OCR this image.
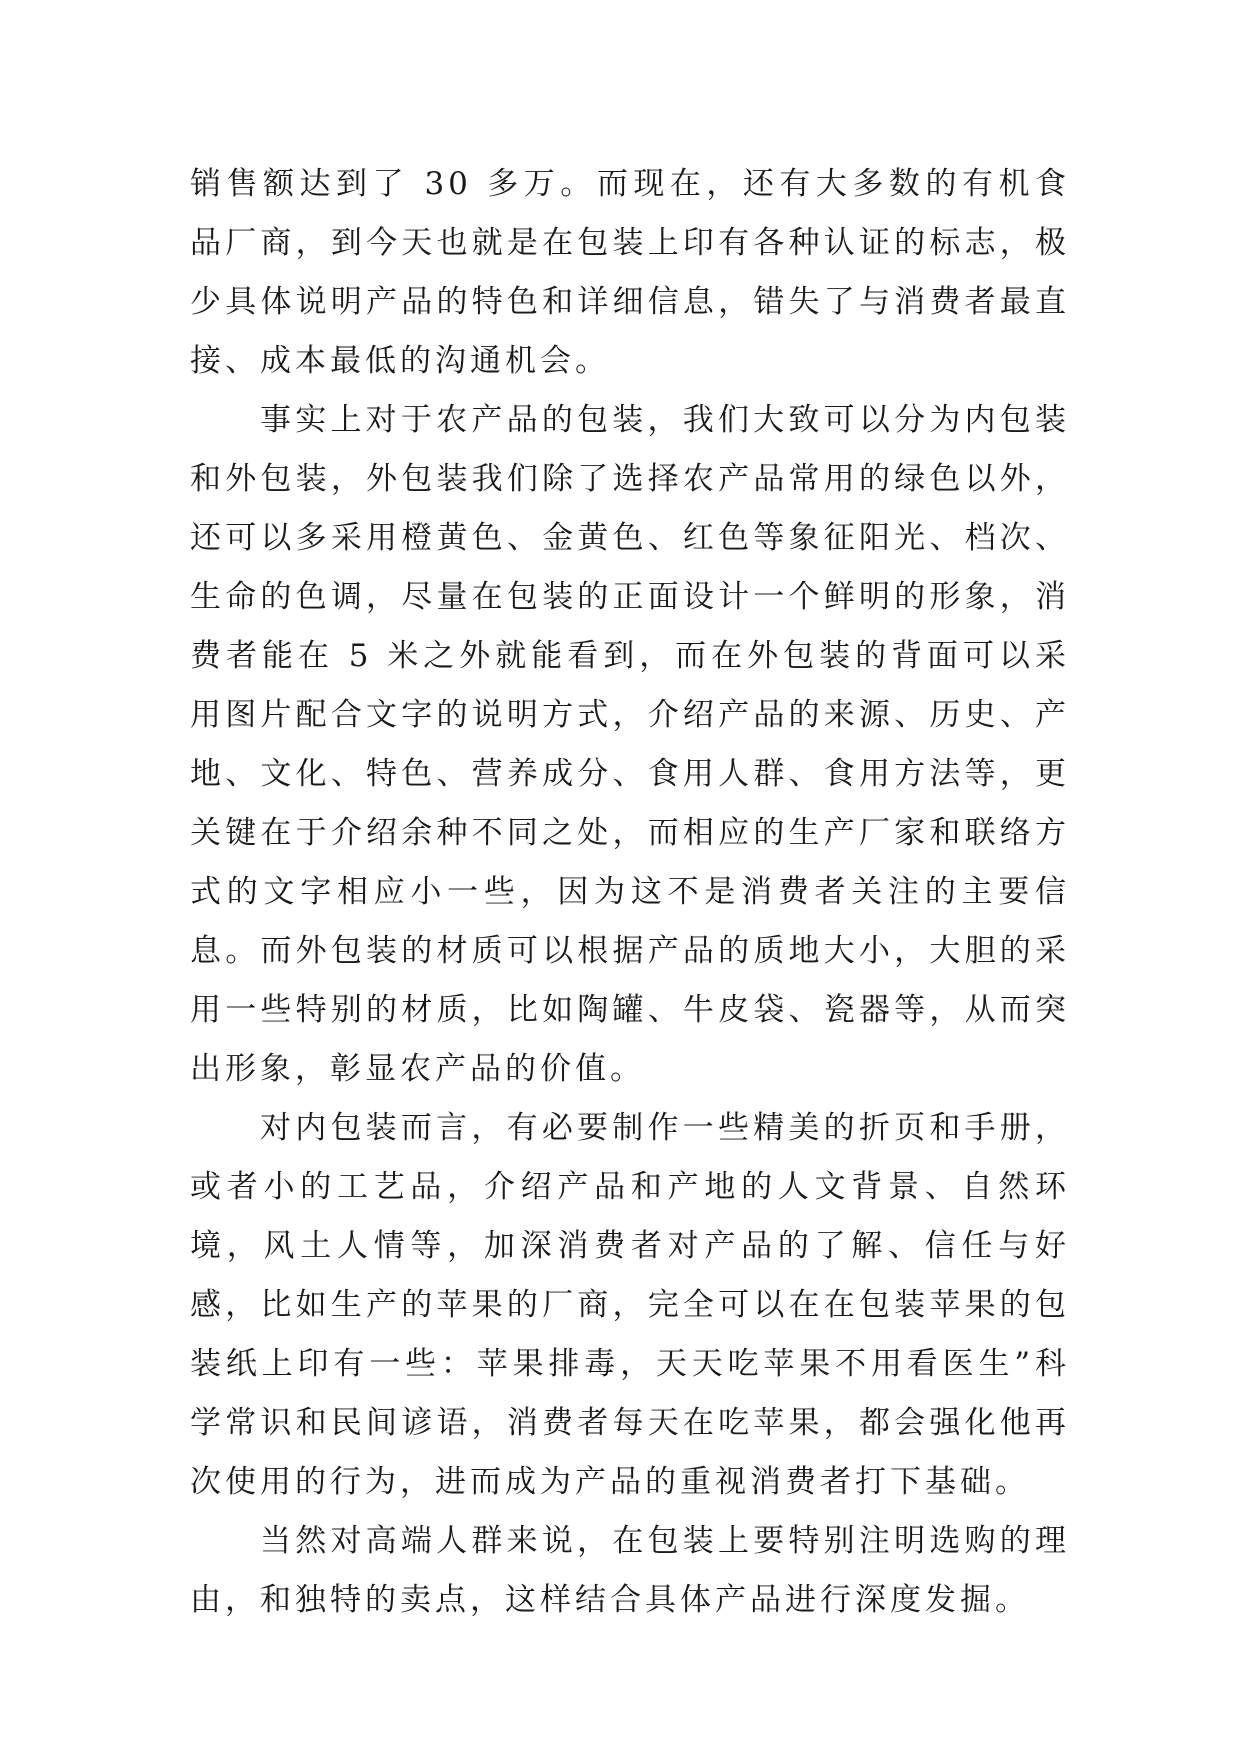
销售额达到了 30 多万。而现在，还有大多数的有机食品厂商，到今天也就是在包装上印有各种认证的标志，极少具体说明产品的特色和详细信息，错失了与消费者最直接、成本最低的沟通机会。

事实上对于农产品的包装，我们大致可以分为内包装和外包装，外包装我们除了选择农产品常用的绿色以外，还可以多采用橙黄色、金黄色、红色等象征阳光、档次、生命的色调，尽量在包装的正面设计一个鲜明的形象，消费者能在 5 米之外就能看到，而在外包装的背面可以采用图片配合文字的说明方式，介绍产品的来源、历史、产地、文化、特色、营养成分、食用人群、食用方法等，更关键在于介绍余种不同之处，而相应的生产厂家和联络方式的文字相应小一些，因为这不是消费者关注的主要信息。而外包装的材质可以根据产品的质地大小，大胆的采用一些特别的材质，比如陶罐、牛皮袋、瓷器等，从而突出形象，彰显农产品的价值。

对内包装而言，有必要制作一些精美的折页和手册，或者小的工艺品，介绍产品和产地的人文背景、自然环境，风土人情等，加深消费者对产品的了解、信任与好感，比如生产的苹果的厂商，完全可以在在包装苹果的包装纸上印有一些：苹果排毒，天天吃苹果不用看医生”科学常识和民间谚语，消费者每天在吃苹果，都会强化他再次使用的行为，进而成为产品的重视消费者打下基础。

当然对高端人群来说，在包装上要特别注明选购的理由，和独特的卖点，这样结合具体产品进行深度发掘。
